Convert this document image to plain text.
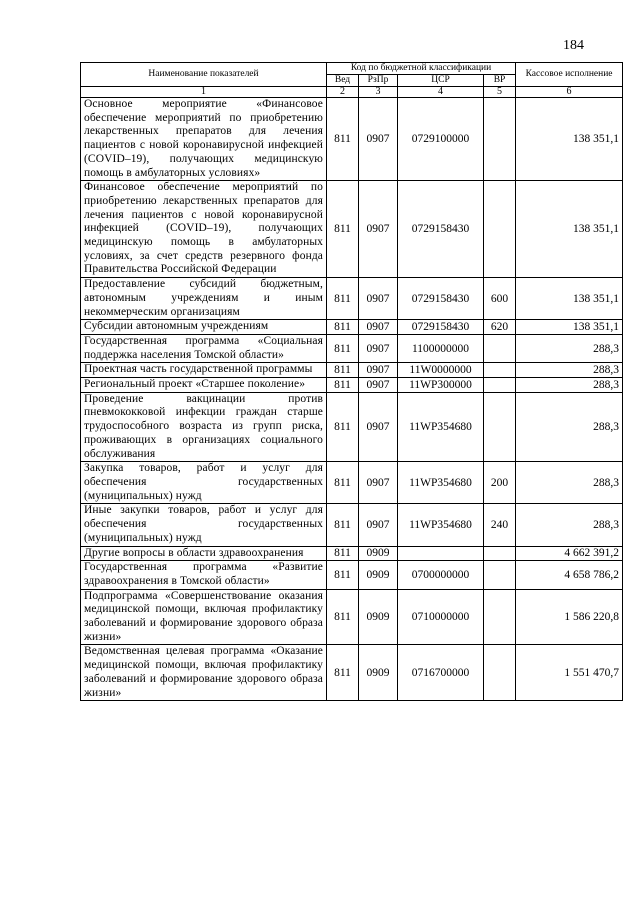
184
Наименование показателей	Код по бюджетной классификации				Кассовое исполнение
	Вед	РзПр	ЦСР	ВР	
1	2	3	4	5	6
Основное мероприятие «Финансовое обеспечение мероприятий по приобретению лекарственных препаратов для лечения пациентов с новой коронавирусной инфекцией (COVID–19), получающих медицинскую помощь в амбулаторных условиях»	811	0907	0729100000		138 351,1
Финансовое обеспечение мероприятий по приобретению лекарственных препаратов для лечения пациентов с новой коронавирусной инфекцией (COVID–19), получающих медицинскую помощь в амбулаторных условиях, за счет средств резервного фонда Правительства Российской Федерации	811	0907	0729158430		138 351,1
Предоставление субсидий бюджетным, автономным учреждениям и иным некоммерческим организациям	811	0907	0729158430	600	138 351,1
Субсидии автономным учреждениям	811	0907	0729158430	620	138 351,1
Государственная программа «Социальная поддержка населения Томской области»	811	0907	1100000000		288,3
Проектная часть государственной программы	811	0907	11W0000000		288,3
Региональный проект «Старшее поколение»	811	0907	11WP300000		288,3
Проведение вакцинации против пневмококковой инфекции граждан старше трудоспособного возраста из групп риска, проживающих в организациях социального обслуживания	811	0907	11WP354680		288,3
Закупка товаров, работ и услуг для обеспечения государственных (муниципальных) нужд	811	0907	11WP354680	200	288,3
Иные закупки товаров, работ и услуг для обеспечения государственных (муниципальных) нужд	811	0907	11WP354680	240	288,3
Другие вопросы в области здравоохранения	811	0909			4 662 391,2
Государственная программа «Развитие здравоохранения в Томской области»	811	0909	0700000000		4 658 786,2
Подпрограмма «Совершенствование оказания медицинской помощи, включая профилактику заболеваний и формирование здорового образа жизни»	811	0909	0710000000		1 586 220,8
Ведомственная целевая программа «Оказание медицинской помощи, включая профилактику заболеваний и формирование здорового образа жизни»	811	0909	0716700000		1 551 470,7
